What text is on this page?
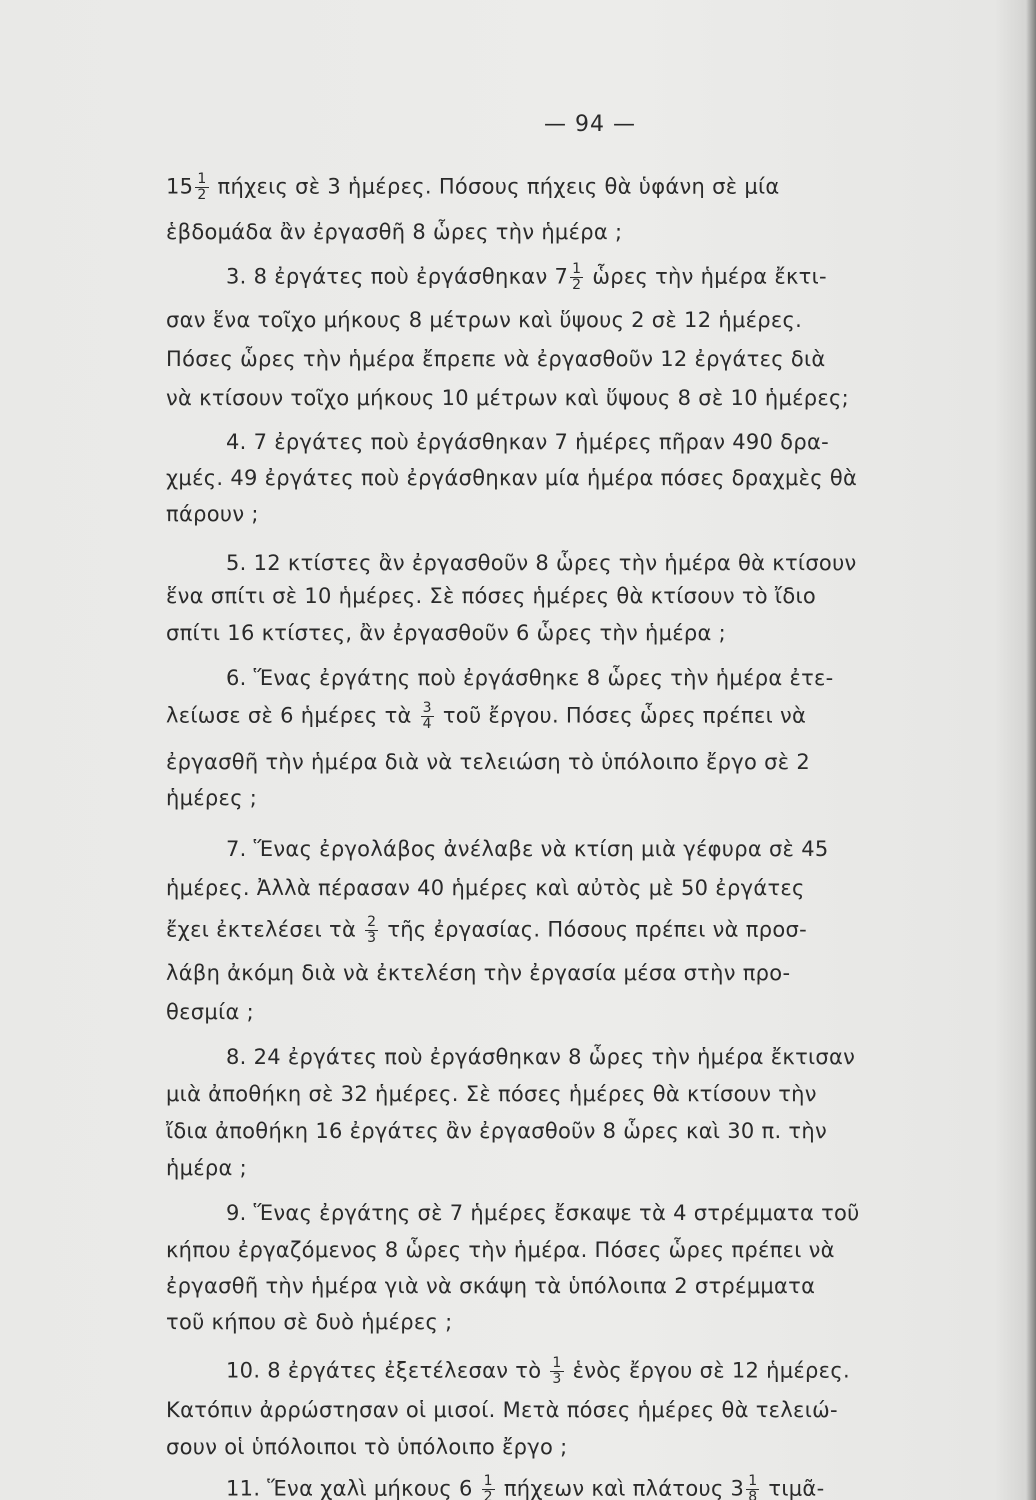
— 94 —
$15 \frac{1}{2}$ πήχεις σὲ 3 ἡμέρες. Πόσους πήχεις θὰ ὑφάνη σὲ μία
ἑβδομάδα ἂν ἐργασθῆ 8 ὧρες τὴν ἡμέρα ;
3. 8 ἐργάτες ποὺ ἐργάσθηκαν $7 \frac{1}{2}$ ὧρες τὴν ἡμέρα ἔκτι-
σαν ἕνα τοῖχο μήκους 8 μέτρων καὶ ὕψους 2 σὲ 12 ἡμέρες.
Πόσες ὧρες τὴν ἡμέρα ἔπρεπε νὰ ἐργασθοῦν 12 ἐργάτες διὰ
νὰ κτίσουν τοῖχο μήκους 10 μέτρων καὶ ὕψους 8 σὲ 10 ἡμέρες;
4. 7 ἐργάτες ποὺ ἐργάσθηκαν 7 ἡμέρες πῆραν 490 δρα-
χμές. 49 ἐργάτες ποὺ ἐργάσθηκαν μία ἡμέρα πόσες δραχμὲς θὰ
πάρουν ;
5. 12 κτίστες ἂν ἐργασθοῦν 8 ὧρες τὴν ἡμέρα θὰ κτίσουν
ἕνα σπίτι σὲ 10 ἡμέρες. Σὲ πόσες ἡμέρες θὰ κτίσουν τὸ ἴδιο
σπίτι 16 κτίστες, ἂν ἐργασθοῦν 6 ὧρες τὴν ἡμέρα ;
6. Ἕνας ἐργάτης ποὺ ἐργάσθηκε 8 ὧρες τὴν ἡμέρα ἐτε-
λείωσε σὲ 6 ἡμέρες τὰ $\frac{3}{4}$ τοῦ ἔργου. Πόσες ὧρες πρέπει νὰ
ἐργασθῆ τὴν ἡμέρα διὰ νὰ τελειώση τὸ ὑπόλοιπο ἔργο σὲ 2
ἡμέρες ;
7. Ἕνας ἐργολάβος ἀνέλαβε νὰ κτίση μιὰ γέφυρα σὲ 45
ἡμέρες. Ἀλλὰ πέρασαν 40 ἡμέρες καὶ αὐτὸς μὲ 50 ἐργάτες
ἔχει ἐκτελέσει τὰ $\frac{2}{3}$ τῆς ἐργασίας. Πόσους πρέπει νὰ προσ-
λάβη ἀκόμη διὰ νὰ ἐκτελέση τὴν ἐργασία μέσα στὴν προ-
θεσμία ;
8. 24 ἐργάτες ποὺ ἐργάσθηκαν 8 ὧρες τὴν ἡμέρα ἔκτισαν
μιὰ ἀποθήκη σὲ 32 ἡμέρες. Σὲ πόσες ἡμέρες θὰ κτίσουν τὴν
ἴδια ἀποθήκη 16 ἐργάτες ἂν ἐργασθοῦν 8 ὧρες καὶ 30 π. τὴν
ἡμέρα ;
9. Ἕνας ἐργάτης σὲ 7 ἡμέρες ἔσκαψε τὰ 4 στρέμματα τοῦ
κήπου ἐργαζόμενος 8 ὧρες τὴν ἡμέρα. Πόσες ὧρες πρέπει νὰ
ἐργασθῆ τὴν ἡμέρα γιὰ νὰ σκάψη τὰ ὑπόλοιπα 2 στρέμματα
τοῦ κήπου σὲ δυὸ ἡμέρες ;
10. 8 ἐργάτες ἐξετέλεσαν τὸ $\frac{1}{3}$ ἑνὸς ἔργου σὲ 12 ἡμέρες.
Κατόπιν ἀρρώστησαν οἱ μισοί. Μετὰ πόσες ἡμέρες θὰ τελειώ-
σουν οἱ ὑπόλοιποι τὸ ὑπόλοιπο ἔργο ;
11. Ἕνα χαλὶ μήκους $6 \frac{1}{2}$ πήχεων καὶ πλάτους $3 \frac{1}{8}$ τιμᾶ-
